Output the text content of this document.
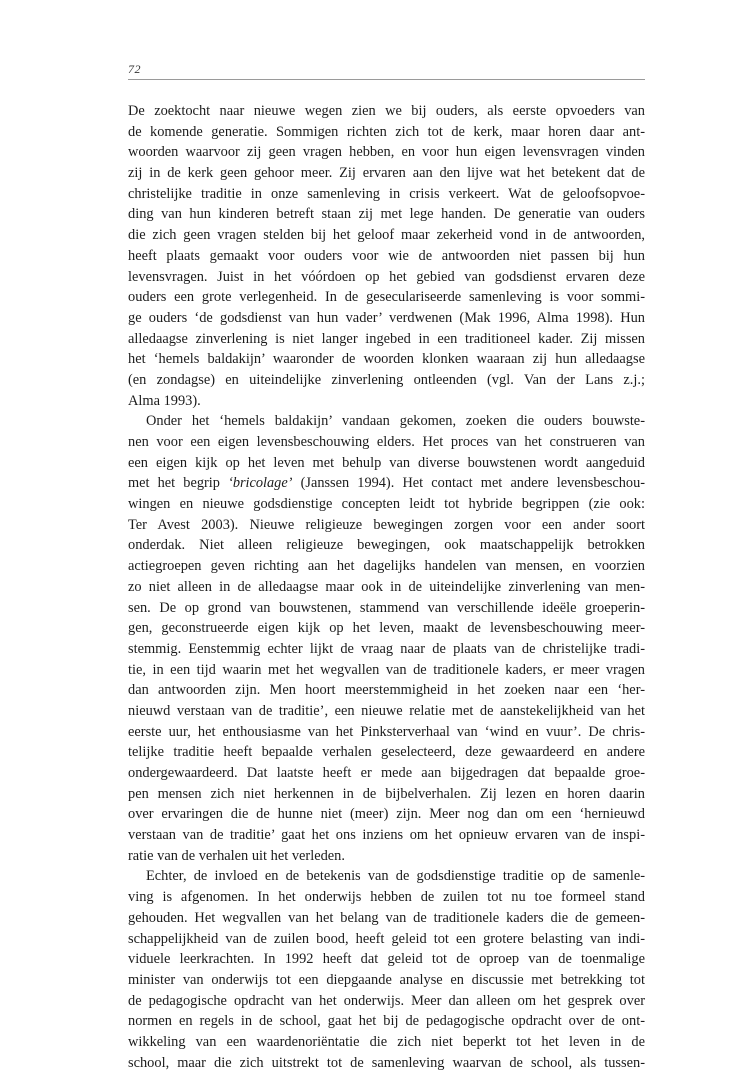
72
De zoektocht naar nieuwe wegen zien we bij ouders, als eerste opvoeders van
de komende generatie. Sommigen richten zich tot de kerk, maar horen daar ant-
woorden waarvoor zij geen vragen hebben, en voor hun eigen levensvragen vinden
zij in de kerk geen gehoor meer. Zij ervaren aan den lijve wat het betekent dat de
christelijke traditie in onze samenleving in crisis verkeert. Wat de geloofsopvoe-
ding van hun kinderen betreft staan zij met lege handen. De generatie van ouders
die zich geen vragen stelden bij het geloof maar zekerheid vond in de antwoorden,
heeft plaats gemaakt voor ouders voor wie de antwoorden niet passen bij hun
levensvragen. Juist in het vóórdoen op het gebied van godsdienst ervaren deze
ouders een grote verlegenheid. In de geseculariseerde samenleving is voor sommi-
ge ouders ‘de godsdienst van hun vader’ verdwenen (Mak 1996, Alma 1998). Hun
alledaagse zinverlening is niet langer ingebed in een traditioneel kader. Zij missen
het ‘hemels baldakijn’ waaronder de woorden klonken waaraan zij hun alledaagse
(en zondagse) en uiteindelijke zinverlening ontleenden (vgl. Van der Lans z.j.;
Alma 1993).
Onder het ‘hemels baldakijn’ vandaan gekomen, zoeken die ouders bouwste-
nen voor een eigen levensbeschouwing elders. Het proces van het construeren van
een eigen kijk op het leven met behulp van diverse bouwstenen wordt aangeduid
met het begrip ‘bricolage’ (Janssen 1994). Het contact met andere levensbeschou-
wingen en nieuwe godsdienstige concepten leidt tot hybride begrippen (zie ook:
Ter Avest 2003). Nieuwe religieuze bewegingen zorgen voor een ander soort
onderdak. Niet alleen religieuze bewegingen, ook maatschappelijk betrokken
actiegroepen geven richting aan het dagelijks handelen van mensen, en voorzien
zo niet alleen in de alledaagse maar ook in de uiteindelijke zinverlening van men-
sen. De op grond van bouwstenen, stammend van verschillende ideële groeperin-
gen, geconstrueerde eigen kijk op het leven, maakt de levensbeschouwing meer-
stemmig. Eenstemmig echter lijkt de vraag naar de plaats van de christelijke tradi-
tie, in een tijd waarin met het wegvallen van de traditionele kaders, er meer vragen
dan antwoorden zijn. Men hoort meerstemmigheid in het zoeken naar een ‘her-
nieuwd verstaan van de traditie’, een nieuwe relatie met de aanstekelijkheid van het
eerste uur, het enthousiasme van het Pinksterverhaal van ‘wind en vuur’. De chris-
telijke traditie heeft bepaalde verhalen geselecteerd, deze gewaardeerd en andere
ondergewaardeerd. Dat laatste heeft er mede aan bijgedragen dat bepaalde groe-
pen mensen zich niet herkennen in de bijbelverhalen. Zij lezen en horen daarin
over ervaringen die de hunne niet (meer) zijn. Meer nog dan om een ‘hernieuwd
verstaan van de traditie’ gaat het ons inziens om het opnieuw ervaren van de inspi-
ratie van de verhalen uit het verleden.
Echter, de invloed en de betekenis van de godsdienstige traditie op de samenle-
ving is afgenomen. In het onderwijs hebben de zuilen tot nu toe formeel stand
gehouden. Het wegvallen van het belang van de traditionele kaders die de gemeen-
schappelijkheid van de zuilen bood, heeft geleid tot een grotere belasting van indi-
viduele leerkrachten. In 1992 heeft dat geleid tot de oproep van de toenmalige
minister van onderwijs tot een diepgaande analyse en discussie met betrekking tot
de pedagogische opdracht van het onderwijs. Meer dan alleen om het gesprek over
normen en regels in de school, gaat het bij de pedagogische opdracht over de ont-
wikkeling van een waardenoriëntatie die zich niet beperkt tot het leven in de
school, maar die zich uitstrekt tot de samenleving waarvan de school, als tussen-
